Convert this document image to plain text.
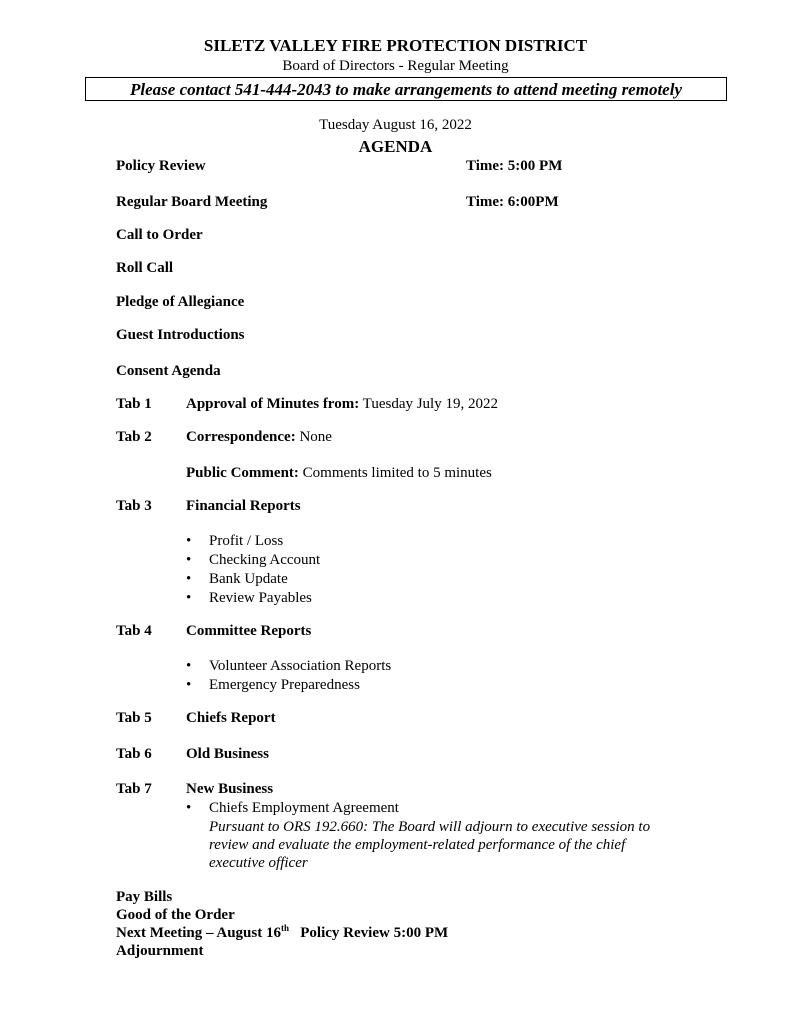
SILETZ VALLEY FIRE PROTECTION DISTRICT
Board of Directors - Regular Meeting
Please contact 541-444-2043 to make arrangements to attend meeting remotely
Tuesday August 16, 2022
AGENDA
Policy Review	Time: 5:00 PM
Regular Board Meeting	Time: 6:00PM
Call to Order
Roll Call
Pledge of Allegiance
Guest Introductions
Consent Agenda
Tab 1 Approval of Minutes from: Tuesday July 19, 2022
Tab 2 Correspondence: None
Public Comment: Comments limited to 5 minutes
Tab 3 Financial Reports
• Profit / Loss
• Checking Account
• Bank Update
• Review Payables
Tab 4 Committee Reports
• Volunteer Association Reports
• Emergency Preparedness
Tab 5 Chiefs Report
Tab 6 Old Business
Tab 7 New Business
• Chiefs Employment Agreement
Pursuant to ORS 192.660: The Board will adjourn to executive session to
review and evaluate the employment-related performance of the chief
executive officer
Pay Bills
Good of the Order
Next Meeting – August 16th   Policy Review 5:00 PM
Adjournment
